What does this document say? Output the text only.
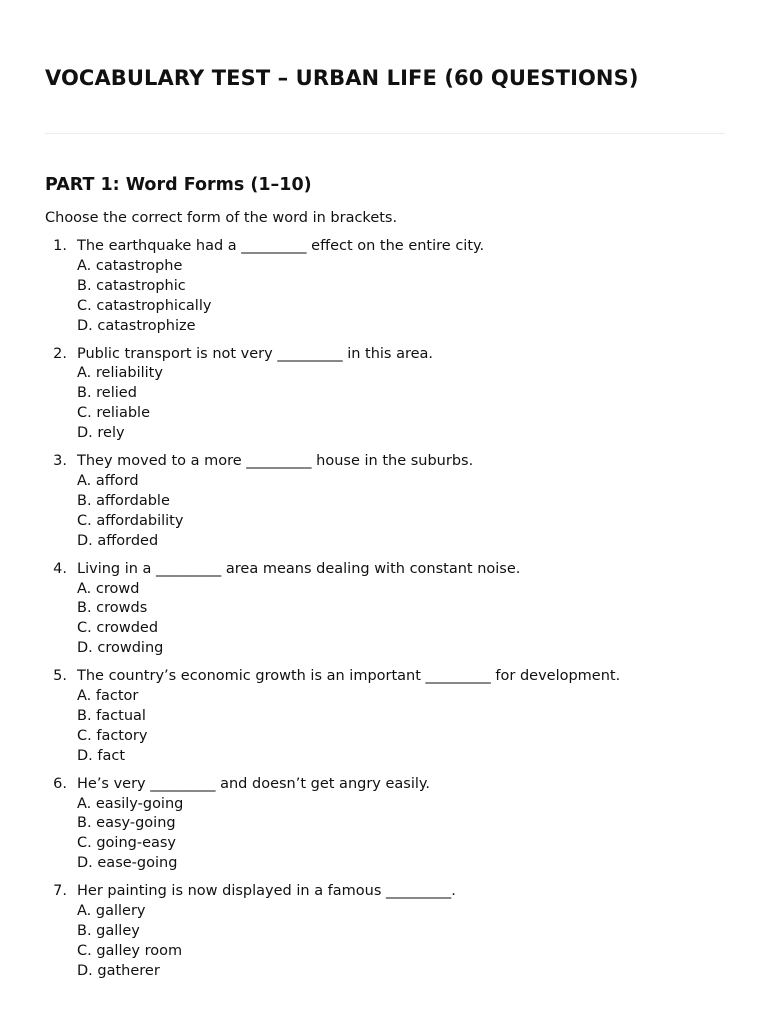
VOCABULARY TEST – URBAN LIFE (60 QUESTIONS)
PART 1: Word Forms (1–10)

Choose the correct form of the word in brackets.

1. The earthquake had a _________ effect on the entire city.
A. catastrophe
B. catastrophic
C. catastrophically
D. catastrophize
2. Public transport is not very _________ in this area.
A. reliability
B. relied
C. reliable
D. rely
3. They moved to a more _________ house in the suburbs.
A. afford
B. affordable
C. affordability
D. afforded
4. Living in a _________ area means dealing with constant noise.
A. crowd
B. crowds
C. crowded
D. crowding
5. The country’s economic growth is an important _________ for development.
A. factor
B. factual
C. factory
D. fact
6. He’s very _________ and doesn’t get angry easily.
A. easily-going
B. easy-going
C. going-easy
D. ease-going
7. Her painting is now displayed in a famous _________.
A. gallery
B. galley
C. galley room
D. gatherer
